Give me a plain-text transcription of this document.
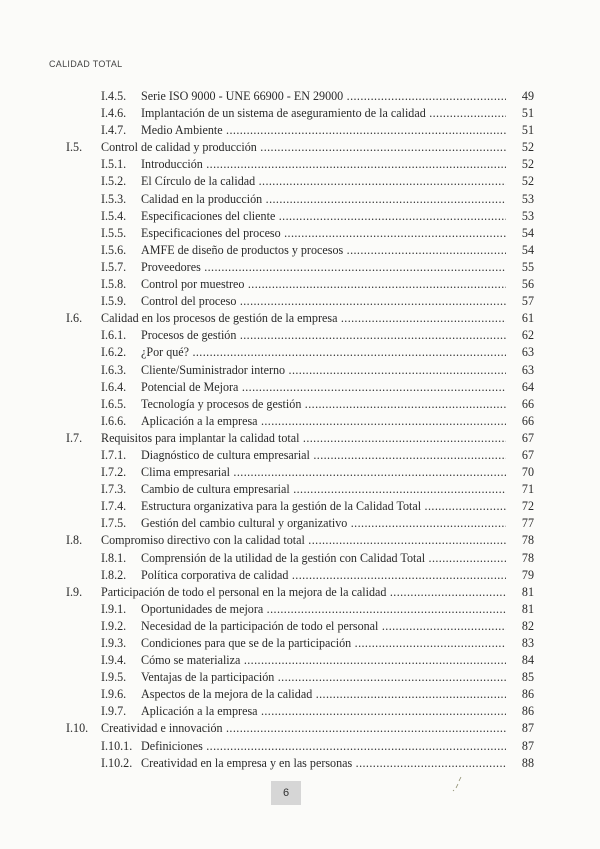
CALIDAD TOTAL
I.4.5. Serie ISO 9000 - UNE 66900 - EN 29000 .....	49
I.4.6. Implantación de un sistema de aseguramiento de la calidad .....	51
I.4.7. Medio Ambiente .....	51
I.5. Control de calidad y producción .....	52
I.5.1. Introducción .....	52
I.5.2. El Círculo de la calidad .....	52
I.5.3. Calidad en la producción .....	53
I.5.4. Especificaciones del cliente .....	53
I.5.5. Especificaciones del proceso .....	54
I.5.6. AMFE de diseño de productos y procesos .....	54
I.5.7. Proveedores .....	55
I.5.8. Control por muestreo .....	56
I.5.9. Control del proceso .....	57
I.6. Calidad en los procesos de gestión de la empresa .....	61
I.6.1. Procesos de gestión .....	62
I.6.2. ¿Por qué? .....	63
I.6.3. Cliente/Suministrador interno .....	63
I.6.4. Potencial de Mejora .....	64
I.6.5. Tecnología y procesos de gestión .....	66
I.6.6. Aplicación a la empresa .....	66
I.7. Requisitos para implantar la calidad total .....	67
I.7.1. Diagnóstico de cultura empresarial .....	67
I.7.2. Clima empresarial .....	70
I.7.3. Cambio de cultura empresarial .....	71
I.7.4. Estructura organizativa para la gestión de la Calidad Total .....	72
I.7.5. Gestión del cambio cultural y organizativo .....	77
I.8. Compromiso directivo con la calidad total .....	78
I.8.1. Comprensión de la utilidad de la gestión con Calidad Total .....	78
I.8.2. Política corporativa de calidad .....	79
I.9. Participación de todo el personal en la mejora de la calidad .....	81
I.9.1. Oportunidades de mejora .....	81
I.9.2. Necesidad de la participación de todo el personal .....	82
I.9.3. Condiciones para que se de la participación .....	83
I.9.4. Cómo se materializa .....	84
I.9.5. Ventajas de la participación .....	85
I.9.6. Aspectos de la mejora de la calidad .....	86
I.9.7. Aplicación a la empresa .....	86
I.10. Creatividad e innovación .....	87
I.10.1. Definiciones .....	87
I.10.2. Creatividad en la empresa y en las personas .....	88
6
